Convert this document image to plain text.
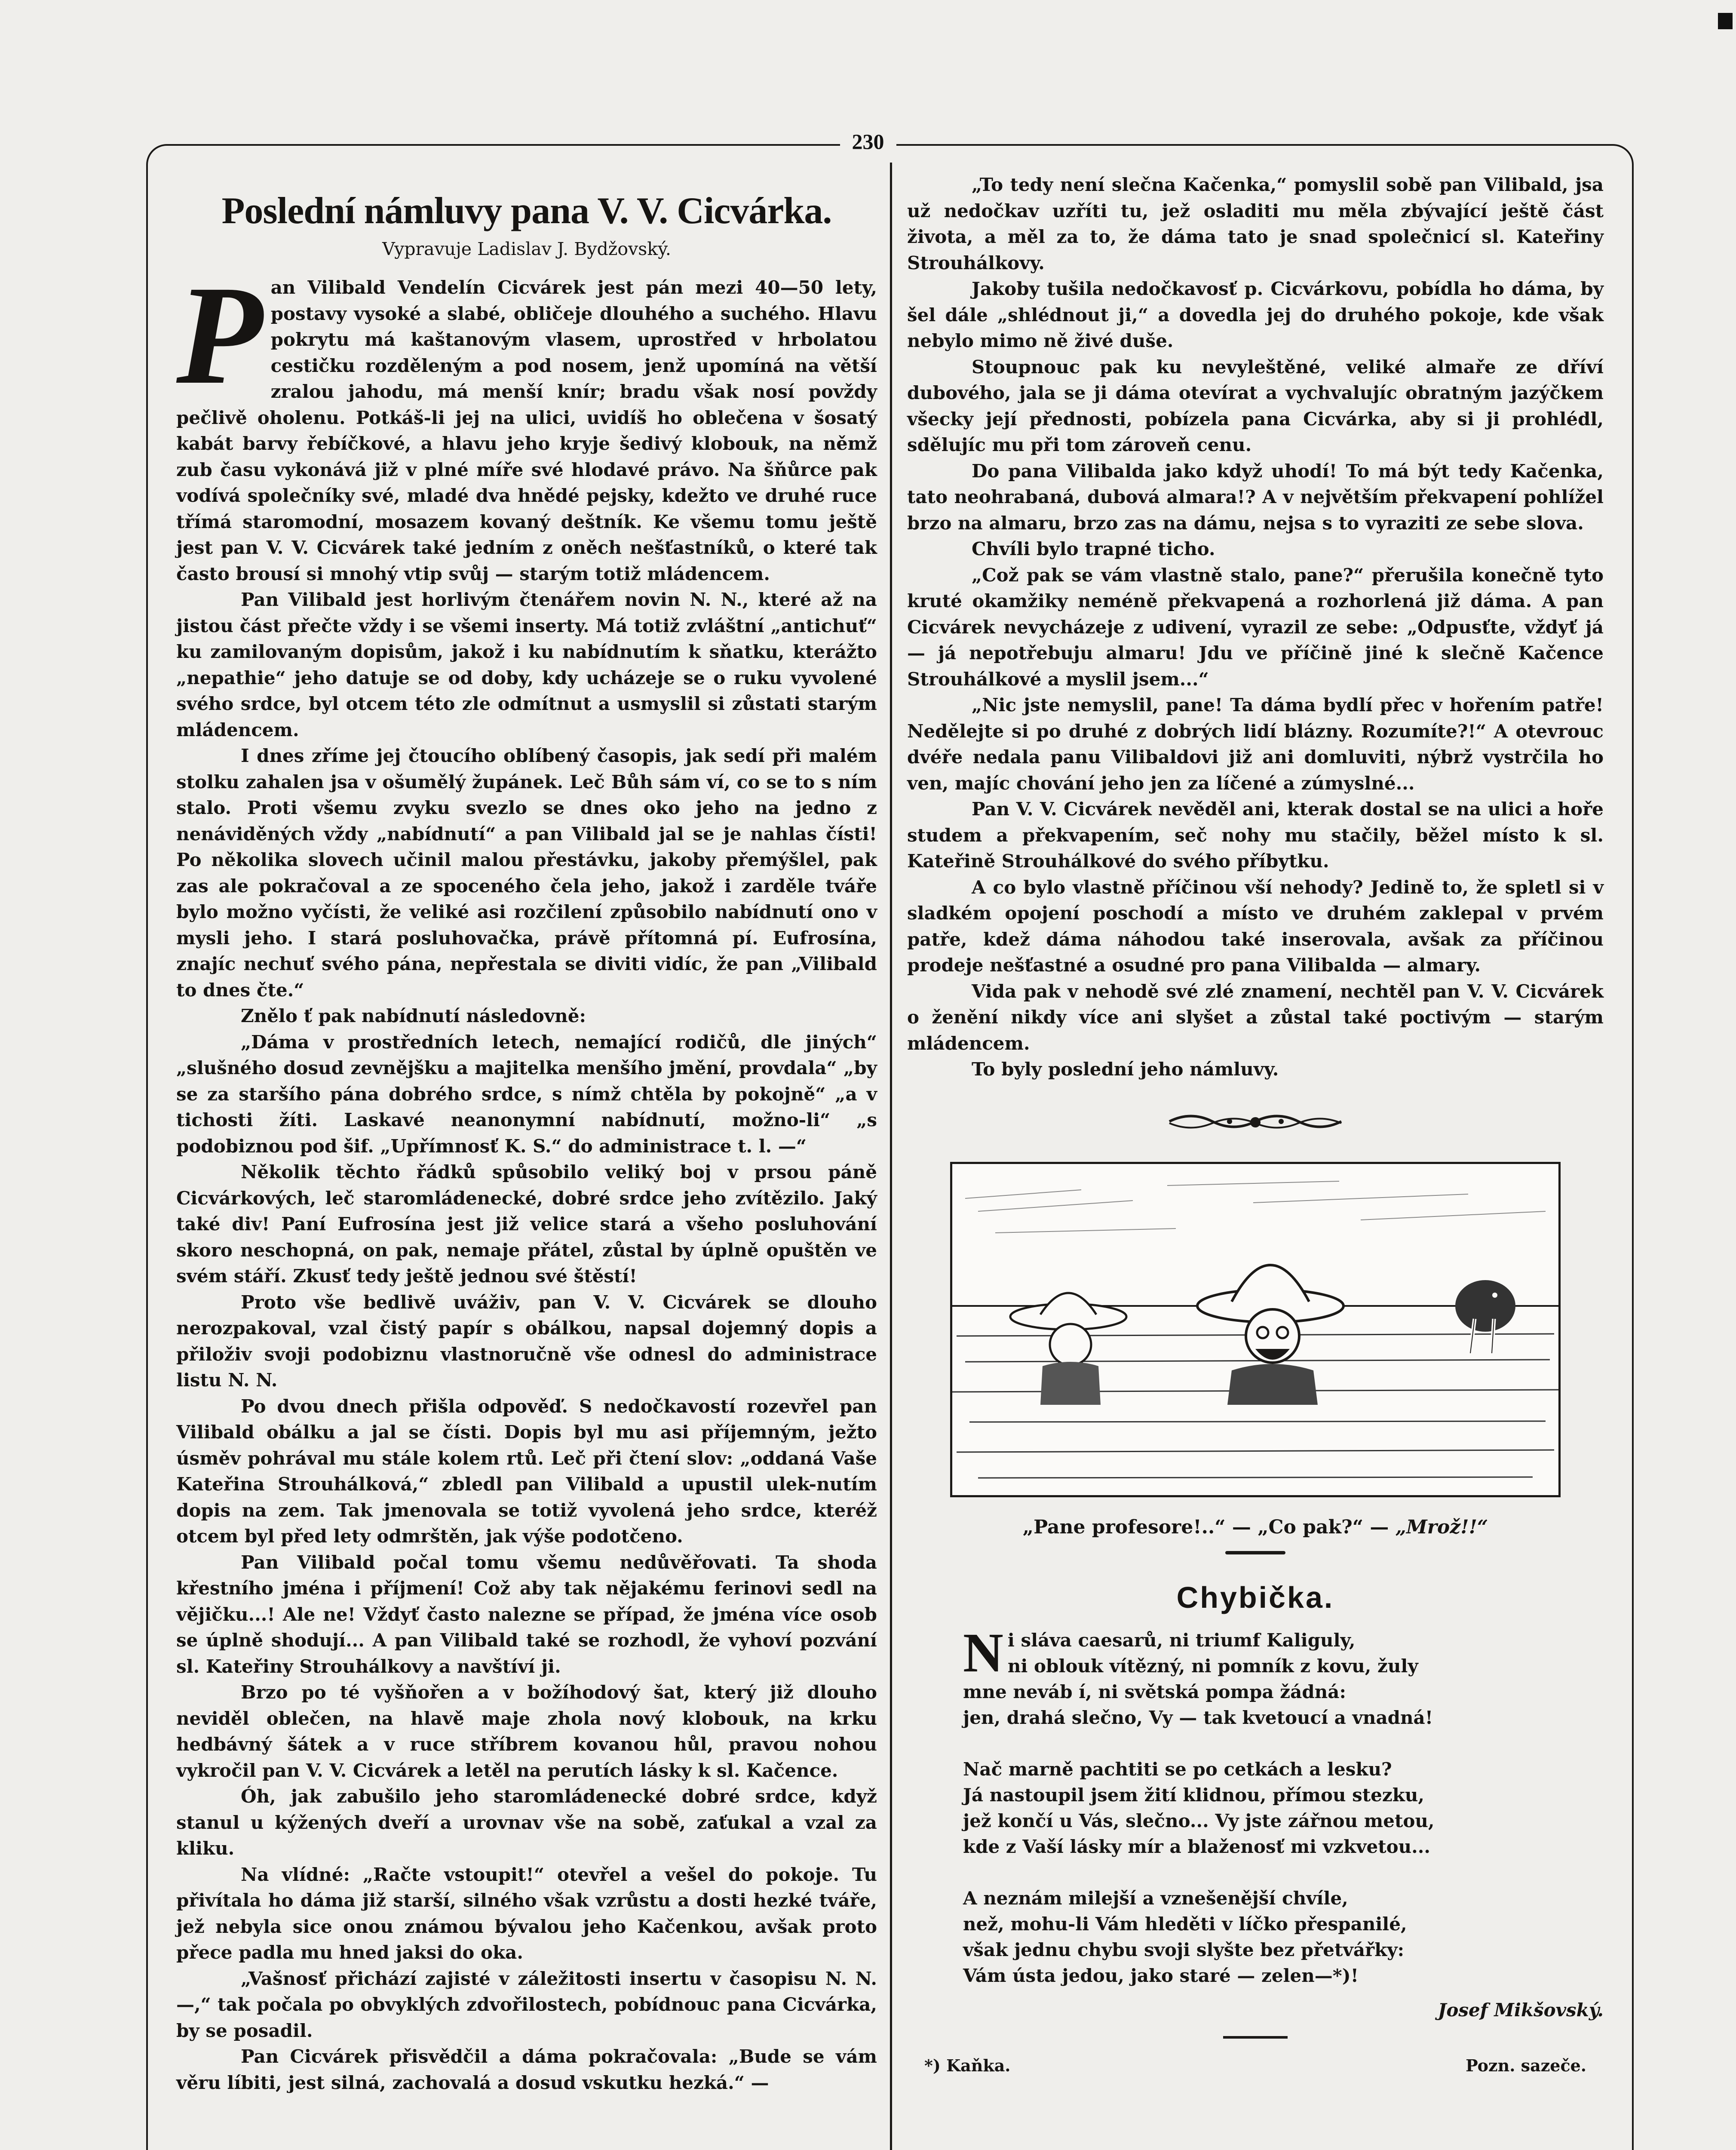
230
Poslední námluvy pana V. V. Cicvárka.
Vypravuje Ladislav J. Bydžovský.

Pan Vilibald Vendelín Cicvárek jest pán mezi 40—50 lety, postavy vysoké a slabé, obličeje dlouhého a suchého. Hlavu pokrytu má kaštanovým vlasem, uprostřed v hrbolatou cestičku rozděleným a pod nosem, jenž upomíná na větší zralou jahodu, má menší knír; bradu však nosí povždy pečlivě oholenu. Potkáš-li jej na ulici, uvidíš ho oblečena v šosatý kabát barvy řebíčkové, a hlavu jeho kryje šedivý klobouk, na němž zub času vykonává již v plné míře své hlodavé právo. Na šňůrce pak vodívá společníky své, mladé dva hnědé pejsky, kdežto ve druhé ruce třímá staromodní, mosazem kovaný deštník. Ke všemu tomu ještě jest pan V. V. Cicvárek také jedním z oněch nešťastníků, o které tak často brousí si mnohý vtip svůj — starým totiž mládencem.

Pan Vilibald jest horlivým čtenářem novin N. N., které až na jistou část přečte vždy i se všemi inserty. Má totiž zvláštní „antichuť“ ku zamilovaným dopisům, jakož i ku nabídnutím k sňatku, kterážto „nepathie“ jeho datuje se od doby, kdy ucházeje se o ruku vyvolené svého srdce, byl otcem této zle odmítnut a usmyslil si zůstati starým mládencem.

I dnes zříme jej čtoucího oblíbený časopis, jak sedí při malém stolku zahalen jsa v ošumělý župánek. Leč Bůh sám ví, co se to s ním stalo. Proti všemu zvyku svezlo se dnes oko jeho na jedno z nenáviděných vždy „nabídnutí“ a pan Vilibald jal se je nahlas čísti! Po několika slovech učinil malou přestávku, jakoby přemýšlel, pak zas ale pokračoval a ze spoceného čela jeho, jakož i zarděle tváře bylo možno vyčísti, že veliké asi rozčilení způsobilo nabídnutí ono v mysli jeho. I stará posluhovačka, právě přítomná pí. Eufrosína, znajíc nechuť svého pána, nepřestala se diviti vidíc, že pan „Vilibald to dnes čte.“

Znělo ť pak nabídnutí následovně:

„Dáma v prostředních letech, nemající rodičů, dle jiných“ „slušného dosud zevnějšku a majitelka menšího jmění, provdala“ „by se za staršího pána dobrého srdce, s nímž chtěla by pokojně“ „a v tichosti žíti. Laskavé neanonymní nabídnutí, možno-li“ „s podobiznou pod šif. „Upřímnosť K. S.“ do administrace t. l. —“

Několik těchto řádků spůsobilo veliký boj v prsou páně Cicvárkových, leč staromládenecké, dobré srdce jeho zvítězilo. Jaký také div! Paní Eufrosína jest již velice stará a všeho posluhování skoro neschopná, on pak, nemaje přátel, zůstal by úplně opuštěn ve svém stáří. Zkusť tedy ještě jednou své štěstí!

Proto vše bedlivě uváživ, pan V. V. Cicvárek se dlouho nerozpakoval, vzal čistý papír s obálkou, napsal dojemný dopis a přiloživ svoji podobiznu vlastnoručně vše odnesl do administrace listu N. N.

Po dvou dnech přišla odpověď. S nedočkavostí rozevřel pan Vilibald obálku a jal se čísti. Dopis byl mu asi příjemným, ježto úsměv pohrával mu stále kolem rtů. Leč při čtení slov: „oddaná Vaše Kateřina Strouhálková,“ zbledl pan Vilibald a upustil ulek-nutím dopis na zem. Tak jmenovala se totiž vyvolená jeho srdce, kteréž otcem byl před lety odmrštěn, jak výše podotčeno.

Pan Vilibald počal tomu všemu nedůvěřovati. Ta shoda křestního jména i příjmení! Což aby tak nějakému ferinovi sedl na vějičku...! Ale ne! Vždyť často nalezne se případ, že jména více osob se úplně shodují... A pan Vilibald také se rozhodl, že vyhoví pozvání sl. Kateřiny Strouhálkovy a navštíví ji.

Brzo po té vyšňořen a v božíhodový šat, který již dlouho neviděl oblečen, na hlavě maje zhola nový klobouk, na krku hedbávný šátek a v ruce stříbrem kovanou hůl, pravou nohou vykročil pan V. V. Cicvárek a letěl na perutích lásky k sl. Kačence.

Óh, jak zabušilo jeho staromládenecké dobré srdce, když stanul u kýžených dveří a urovnav vše na sobě, zaťukal a vzal za kliku.

Na vlídné: „Račte vstoupit!“ otevřel a vešel do pokoje. Tu přivítala ho dáma již starší, silného však vzrůstu a dosti hezké tváře, jež nebyla sice onou známou bývalou jeho Kačenkou, avšak proto přece padla mu hned jaksi do oka.

„Vašnosť přichází zajisté v záležitosti insertu v časopisu N. N. —,“ tak počala po obvyklých zdvořilostech, pobídnouc pana Cicvárka, by se posadil.

Pan Cicvárek přisvědčil a dáma pokračovala: „Bude se vám věru líbiti, jest silná, zachovalá a dosud vskutku hezká.“ —

„To tedy není slečna Kačenka,“ pomyslil sobě pan Vilibald, jsa už nedočkav uzříti tu, jež osladiti mu měla zbývající ještě část života, a měl za to, že dáma tato je snad společnicí sl. Kateřiny Strouhálkovy.

Jakoby tušila nedočkavosť p. Cicvárkovu, pobídla ho dáma, by šel dále „shlédnout ji,“ a dovedla jej do druhého pokoje, kde však nebylo mimo ně živé duše.

Stoupnouc pak ku nevyleštěné, veliké almaře ze dříví dubového, jala se ji dáma otevírat a vychvalujíc obratným jazýčkem všecky její přednosti, pobízela pana Cicvárka, aby si ji prohlédl, sdělujíc mu při tom zároveň cenu.

Do pana Vilibalda jako když uhodí! To má být tedy Kačenka, tato neohrabaná, dubová almara!? A v největším překvapení pohlížel brzo na almaru, brzo zas na dámu, nejsa s to vyraziti ze sebe slova.

Chvíli bylo trapné ticho.

„Což pak se vám vlastně stalo, pane?“ přerušila konečně tyto kruté okamžiky neméně překvapená a rozhorlená již dáma. A pan Cicvárek nevycházeje z udivení, vyrazil ze sebe: „Odpusťte, vždyť já — já nepotřebuju almaru! Jdu ve příčině jiné k slečně Kačence Strouhálkové a myslil jsem...“

„Nic jste nemyslil, pane! Ta dáma bydlí přec v hořením patře! Nedělejte si po druhé z dobrých lidí blázny. Rozumíte?!“ A otevrouc dvéře nedala panu Vilibaldovi již ani domluviti, nýbrž vystrčila ho ven, majíc chování jeho jen za líčené a zúmyslné...

Pan V. V. Cicvárek nevěděl ani, kterak dostal se na ulici a hoře studem a překvapením, seč nohy mu stačily, běžel místo k sl. Kateřině Strouhálkové do svého příbytku.

A co bylo vlastně příčinou vší nehody? Jedině to, že spletl si v sladkém opojení poschodí a místo ve druhém zaklepal v prvém patře, kdež dáma náhodou také inserovala, avšak za příčinou prodeje nešťastné a osudné pro pana Vilibalda — almary.

Vida pak v nehodě své zlé znamení, nechtěl pan V. V. Cicvárek o ženění nikdy více ani slyšet a zůstal také poctivým — starým mládencem.

To byly poslední jeho námluvy.

„Pane profesore!..“ — „Co pak?“ — „Mrož!!“
Chybička.
N i sláva caesarů, ni triumf Kaliguly,
ni oblouk vítězný, ni pomník z kovu, žuly
mne neváb í, ni světská pompa žádná:
jen, drahá slečno, Vy — tak kvetoucí a vnadná!
Nač marně pachtiti se po cetkách a lesku?
Já nastoupil jsem žití klidnou, přímou stezku,
jež končí u Vás, slečno... Vy jste zářnou metou,
kde z Vaší lásky mír a blaženosť mi vzkvetou...
A neznám milejší a vznešenější chvíle,
než, mohu-li Vám hleděti v líčko přespanilé,
však jednu chybu svoji slyšte bez přetvářky:
Vám ústa jedou, jako staré — zelen—*)!
Josef Mikšovský.
*) Kaňka.	Pozn. sazeče.
